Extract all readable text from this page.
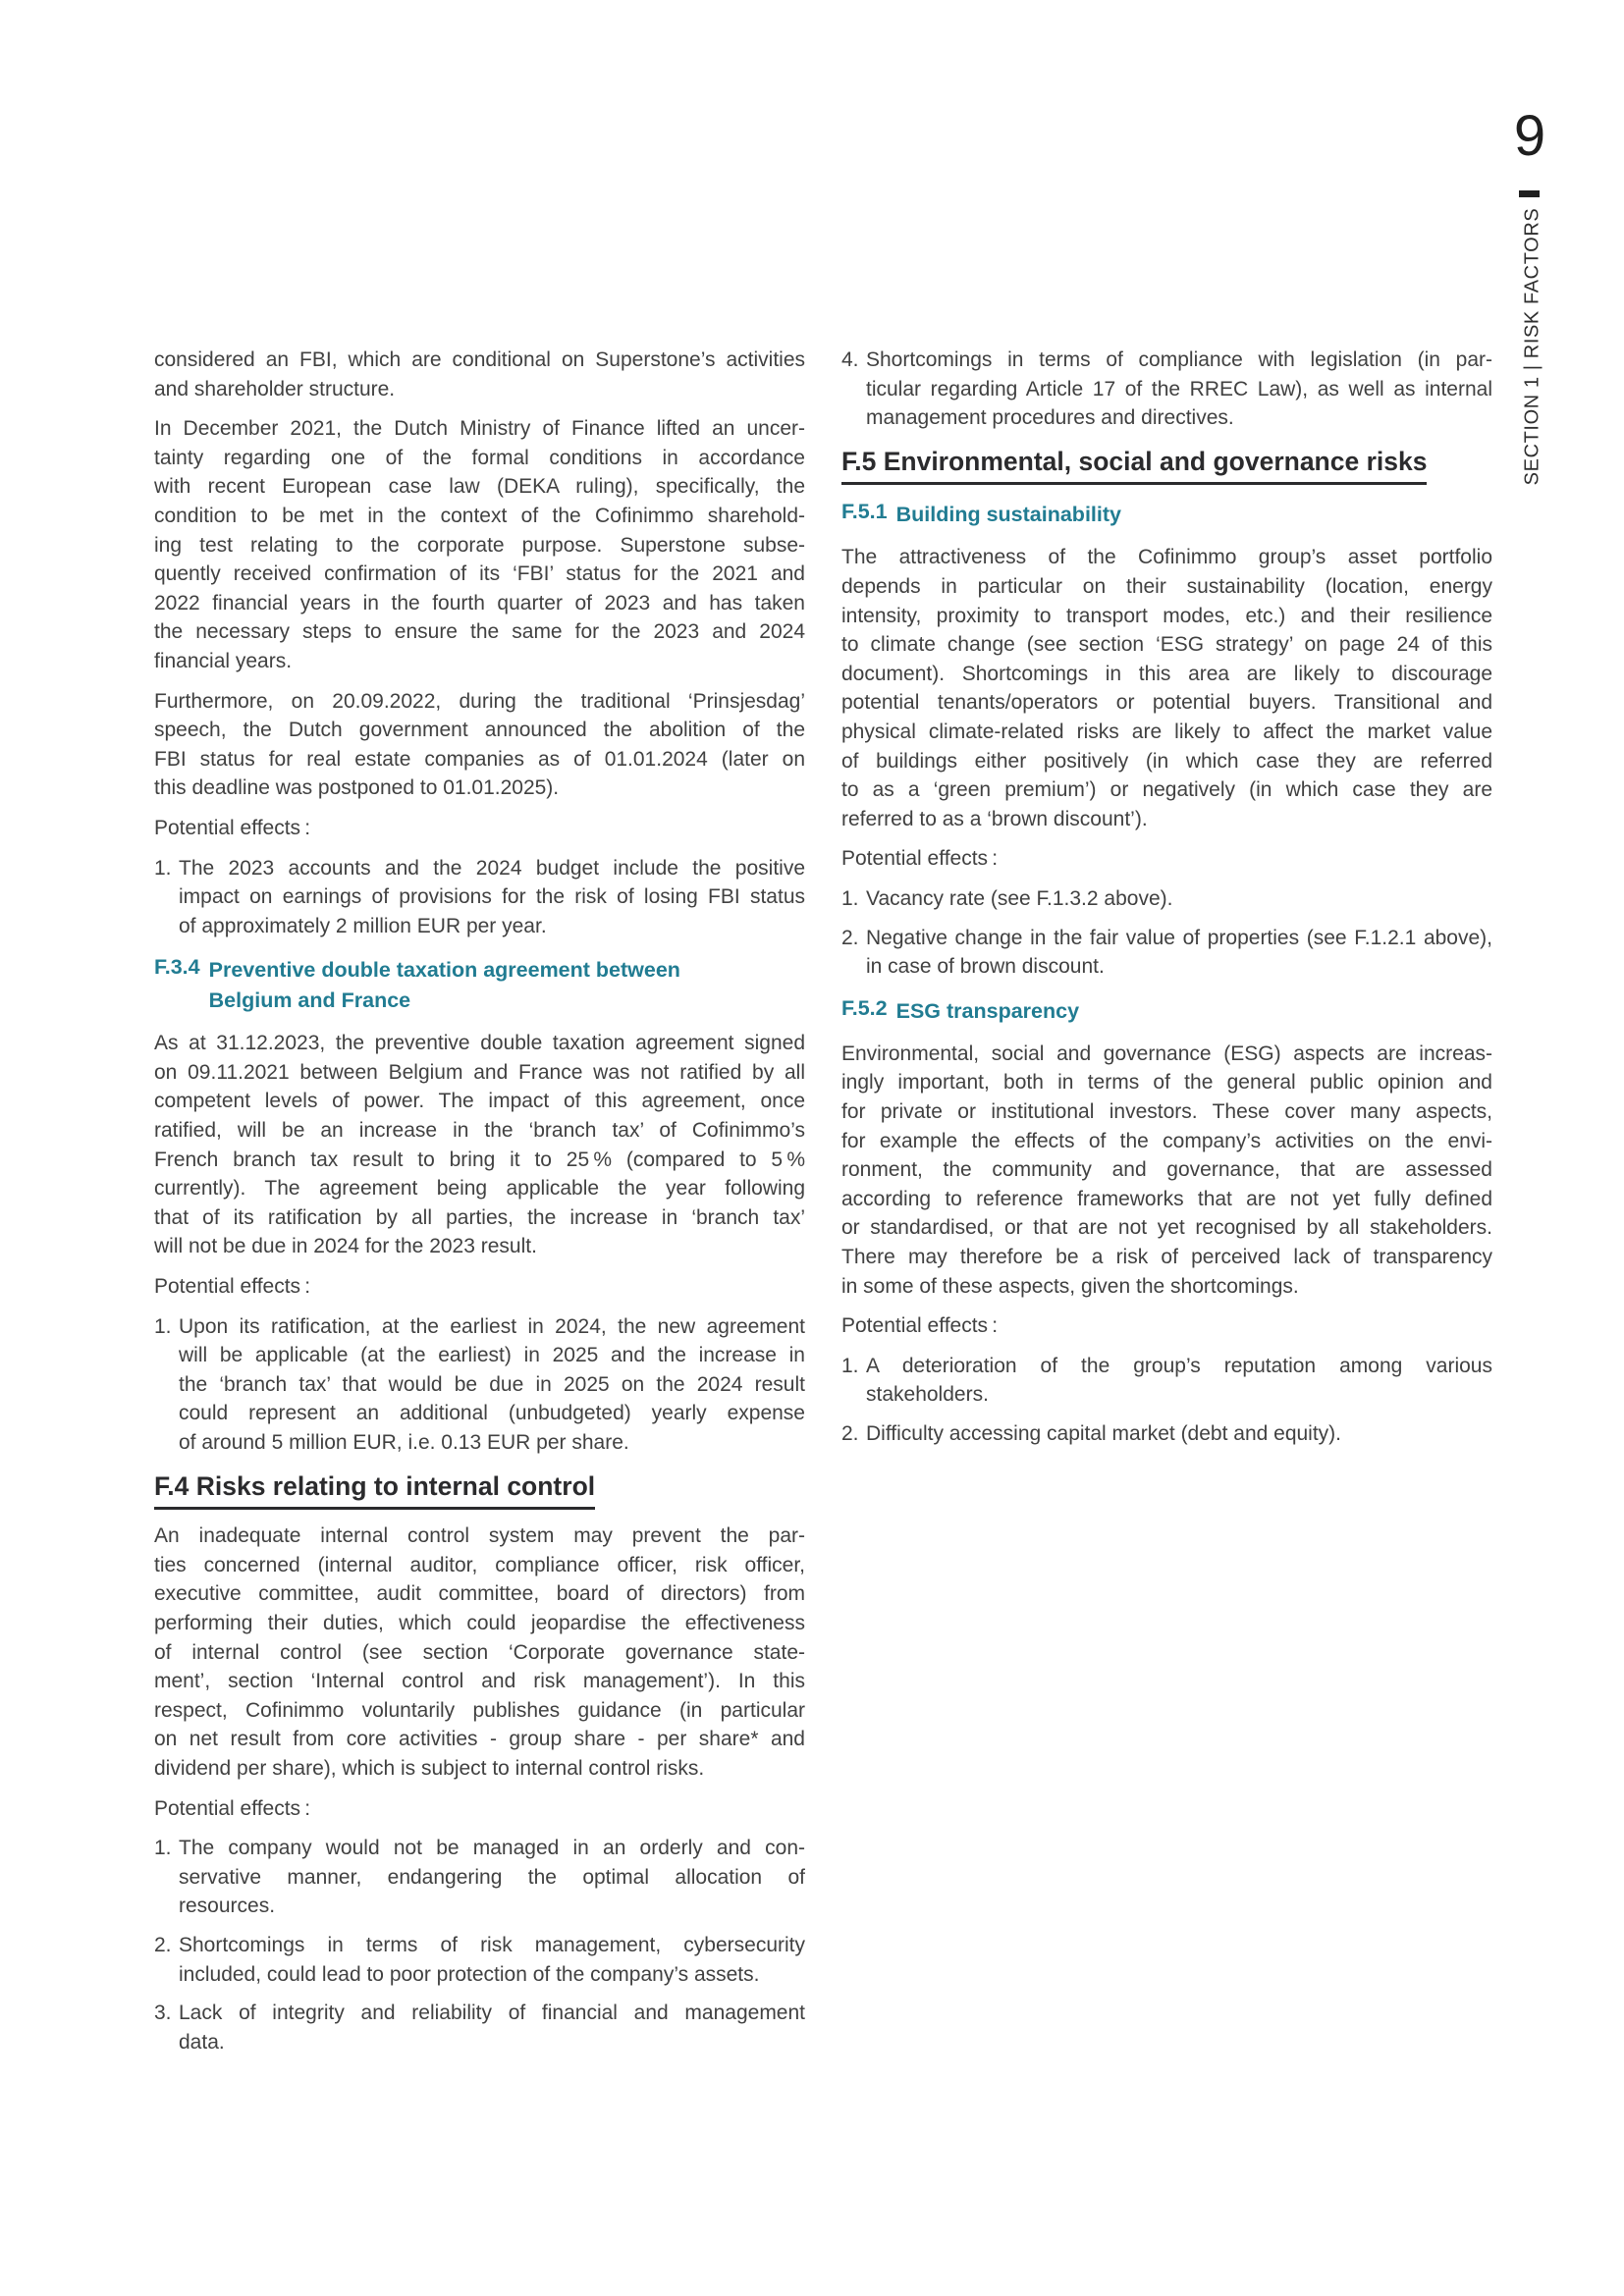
considered an FBI, which are conditional on Superstone’s activities
and shareholder structure.
In December 2021, the Dutch Ministry of Finance lifted an uncer-
tainty regarding one of the formal conditions in accordance
with recent European case law (DEKA ruling), specifically, the
condition to be met in the context of the Cofinimmo sharehold-
ing test relating to the corporate purpose. Superstone subse-
quently received confirmation of its ‘FBI’ status for the 2021 and
2022 financial years in the fourth quarter of 2023 and has taken
the necessary steps to ensure the same for the 2023 and 2024
financial years.
Furthermore, on 20.09.2022, during the traditional ‘Prinsjesdag’
speech, the Dutch government announced the abolition of the
FBI status for real estate companies as of 01.01.2024 (later on
this deadline was postponed to 01.01.2025).
Potential effects :
1. The 2023 accounts and the 2024 budget include the positive
impact on earnings of provisions for the risk of losing FBI status
of approximately 2 million EUR per year.
F.3.4 Preventive double taxation agreement between
Belgium and France
As at 31.12.2023, the preventive double taxation agreement signed
on 09.11.2021 between Belgium and France was not ratified by all
competent levels of power. The impact of this agreement, once
ratified, will be an increase in the ‘branch tax’ of Cofinimmo’s
French branch tax result to bring it to 25 % (compared to 5 %
currently). The agreement being applicable the year following
that of its ratification by all parties, the increase in ‘branch tax’
will not be due in 2024 for the 2023 result.
Potential effects :
1. Upon its ratification, at the earliest in 2024, the new agreement
will be applicable (at the earliest) in 2025 and the increase in
the ‘branch tax’ that would be due in 2025 on the 2024 result
could represent an additional (unbudgeted) yearly expense
of around 5 million EUR, i.e. 0.13 EUR per share.
F.4 Risks relating to internal control
An inadequate internal control system may prevent the par-
ties concerned (internal auditor, compliance officer, risk officer,
executive committee, audit committee, board of directors) from
performing their duties, which could jeopardise the effectiveness
of internal control (see section ‘Corporate governance state-
ment’, section ‘Internal control and risk management’). In this
respect, Cofinimmo voluntarily publishes guidance (in particular
on net result from core activities - group share - per share* and
dividend per share), which is subject to internal control risks.
Potential effects :
1. The company would not be managed in an orderly and con-
servative manner, endangering the optimal allocation of
resources.
2. Shortcomings in terms of risk management, cybersecurity
included, could lead to poor protection of the company’s assets.
3. Lack of integrity and reliability of financial and management
data.
4. Shortcomings in terms of compliance with legislation (in par-
ticular regarding Article 17 of the RREC Law), as well as internal
management procedures and directives.
F.5 Environmental, social and governance risks
F.5.1 Building sustainability
The attractiveness of the Cofinimmo group’s asset portfolio
depends in particular on their sustainability (location, energy
intensity, proximity to transport modes, etc.) and their resilience
to climate change (see section ‘ESG strategy’ on page 24 of this
document). Shortcomings in this area are likely to discourage
potential tenants/operators or potential buyers. Transitional and
physical climate-related risks are likely to affect the market value
of buildings either positively (in which case they are referred
to as a ‘green premium’) or negatively (in which case they are
referred to as a ‘brown discount’).
Potential effects :
1. Vacancy rate (see F.1.3.2 above).
2. Negative change in the fair value of properties (see F.1.2.1 above),
in case of brown discount.
F.5.2 ESG transparency
Environmental, social and governance (ESG) aspects are increas-
ingly important, both in terms of the general public opinion and
for private or institutional investors. These cover many aspects,
for example the effects of the company’s activities on the envi-
ronment, the community and governance, that are assessed
according to reference frameworks that are not yet fully defined
or standardised, or that are not yet recognised by all stakeholders.
There may therefore be a risk of perceived lack of transparency
in some of these aspects, given the shortcomings.
Potential effects :
1. A deterioration of the group’s reputation among various
stakeholders.
2. Difficulty accessing capital market (debt and equity).
9
SECTION 1 | RISK FACTORS
